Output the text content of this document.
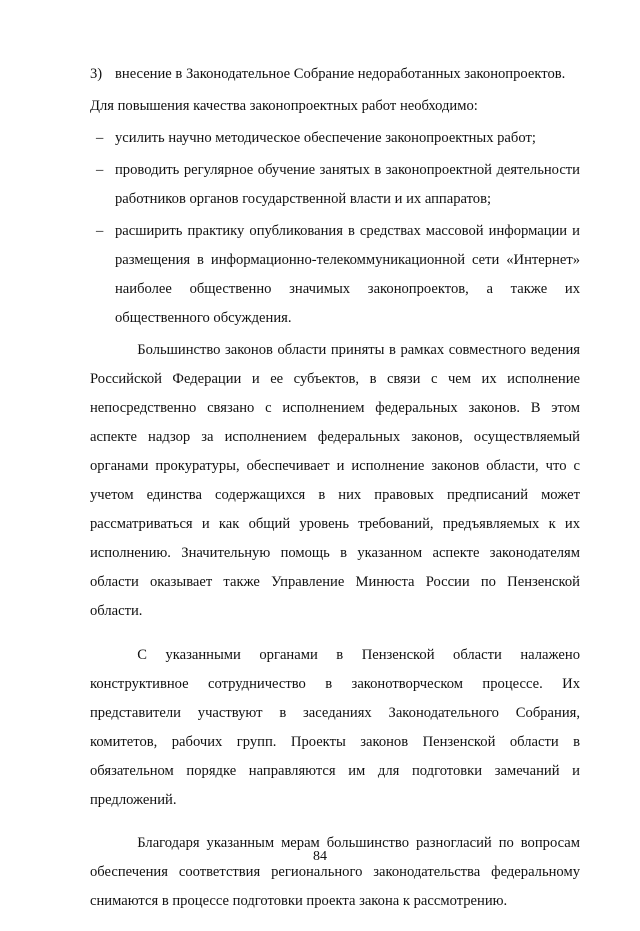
3) внесение в Законодательное Собрание недоработанных законопроектов.

Для повышения качества законопроектных работ необходимо:

– усилить научно методическое обеспечение законопроектных работ;
– проводить регулярное обучение занятых в законопроектной деятельности работников органов государственной власти и их аппаратов;
– расширить практику опубликования в средствах массовой информации и размещения в информационно-телекоммуникационной сети «Интернет» наиболее общественно значимых законопроектов, а также их общественного обсуждения.

Большинство законов области приняты в рамках совместного ведения Российской Федерации и ее субъектов, в связи с чем их исполнение непосредственно связано с исполнением федеральных законов. В этом аспекте надзор за исполнением федеральных законов, осуществляемый органами прокуратуры, обеспечивает и исполнение законов области, что с учетом единства содержащихся в них правовых предписаний может рассматриваться и как общий уровень требований, предъявляемых к их исполнению. Значительную помощь в указанном аспекте законодателям области оказывает также Управление Минюста России по Пензенской области.

С указанными органами в Пензенской области налажено конструктивное сотрудничество в законотворческом процессе. Их представители участвуют в заседаниях Законодательного Собрания, комитетов, рабочих групп. Проекты законов Пензенской области в обязательном порядке направляются им для подготовки замечаний и предложений.

Благодаря указанным мерам большинство разногласий по вопросам обеспечения соответствия регионального законодательства федеральному снимаются в процессе подготовки проекта закона к рассмотрению.

84
